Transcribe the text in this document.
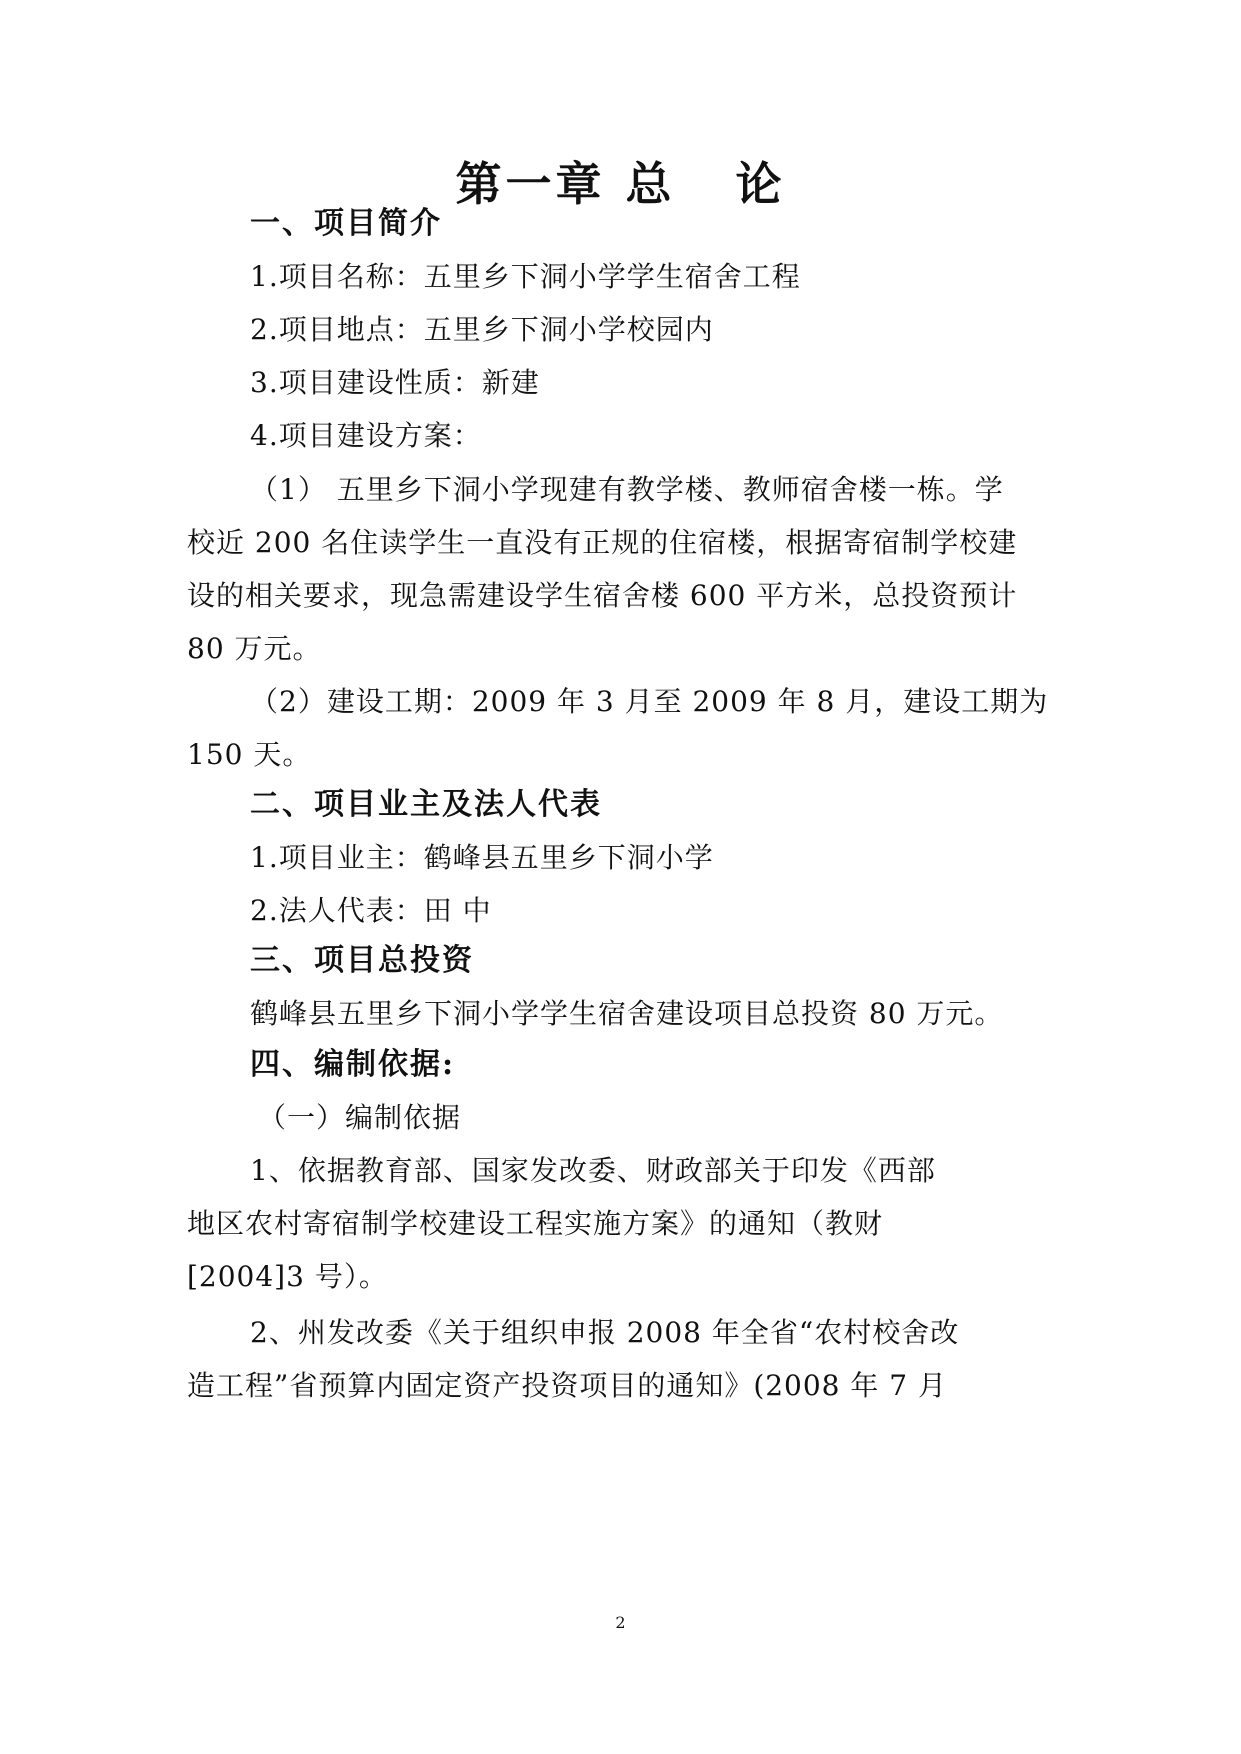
第一章 总   论
一、项目简介
1.项目名称：五里乡下洞小学学生宿舍工程
2.项目地点：五里乡下洞小学校园内
3.项目建设性质：新建
4.项目建设方案：
（1） 五里乡下洞小学现建有教学楼、教师宿舍楼一栋。学
校近 200 名住读学生一直没有正规的住宿楼，根据寄宿制学校建
设的相关要求，现急需建设学生宿舍楼 600 平方米，总投资预计
80 万元。
（2）建设工期：2009 年 3 月至 2009 年 8 月，建设工期为
150 天。
二、项目业主及法人代表
1.项目业主：鹤峰县五里乡下洞小学
2.法人代表：田 中
三、项目总投资
鹤峰县五里乡下洞小学学生宿舍建设项目总投资 80 万元。
四、编制依据:
（一）编制依据
1、依据教育部、国家发改委、财政部关于印发《西部
地区农村寄宿制学校建设工程实施方案》的通知（教财
[2004]3 号）。
2、州发改委《关于组织申报 2008 年全省“农村校舍改
造工程”省预算内固定资产投资项目的通知》(2008 年 7 月
2
